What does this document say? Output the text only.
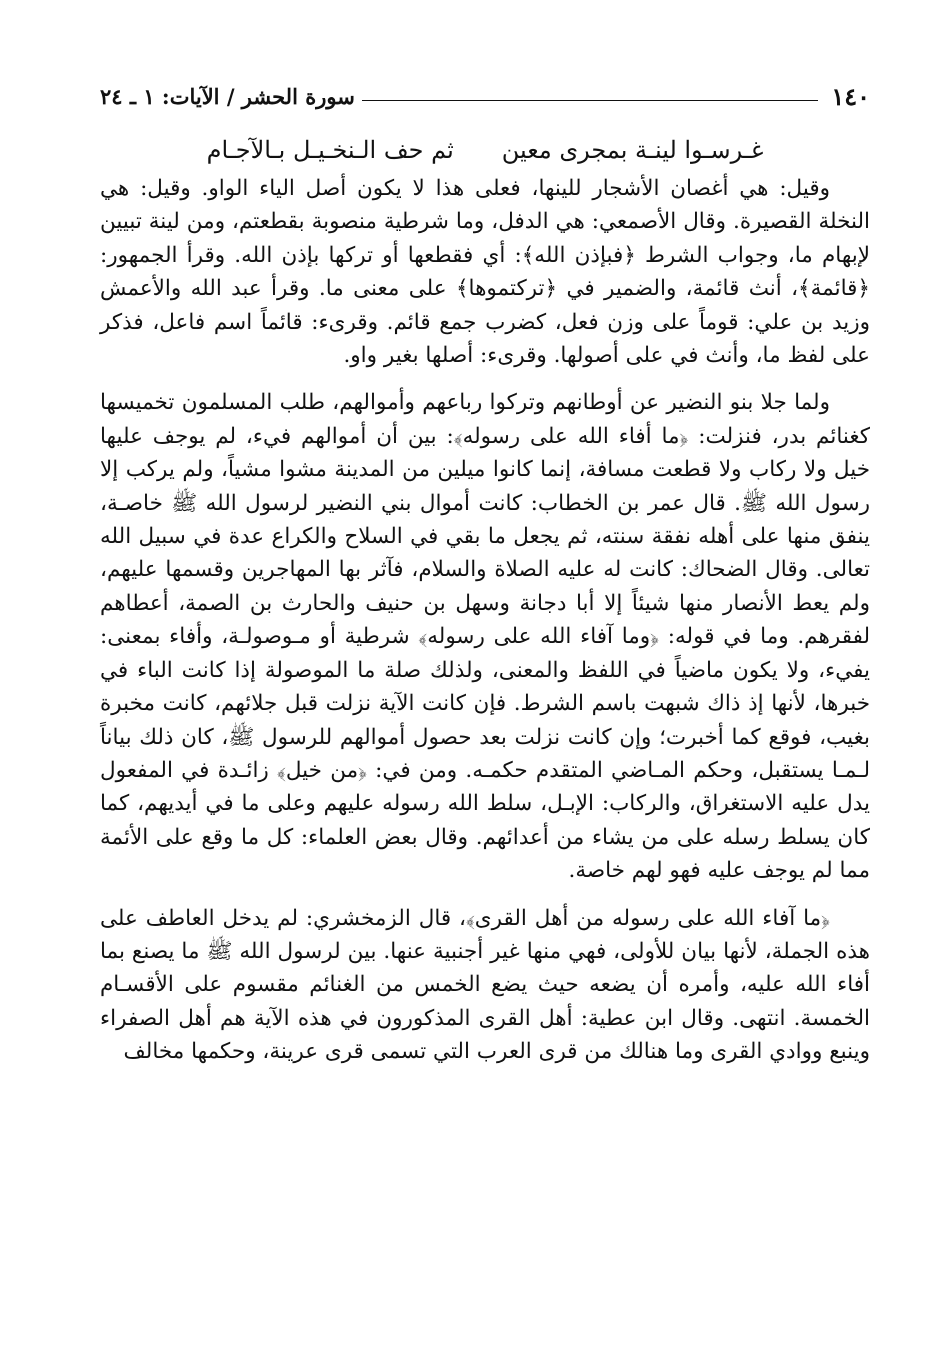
١٤٠
سورة الحشر / الآيات: ١ ـ ٢٤
غـرسـوا لينـة بمجرى معين
ثم حف الـنخـيـل بـالآجـام

وقيل: هي أغصان الأشجار للينها، فعلى هذا لا يكون أصل الياء الواو. وقيل: هي النخلة القصيرة. وقال الأصمعي: هي الدفل، وما شرطية منصوبة بقطعتم، ومن لينة تبيين لإبهام ما، وجواب الشرط ﴿فبإذن الله﴾: أي فقطعها أو تركها بإذن الله. وقرأ الجمهور: ﴿قائمة﴾، أنث قائمة، والضمير في ﴿تركتموها﴾ على معنى ما. وقرأ عبد الله والأعمش وزيد بن علي: قوماً على وزن فعل، كضرب جمع قائم. وقرىء: قائماً اسم فاعل، فذكر على لفظ ما، وأنث في على أصولها. وقرىء: أصلها بغير واو.

ولما جلا بنو النضير عن أوطانهم وتركوا رباعهم وأموالهم، طلب المسلمون تخميسها كغنائم بدر، فنزلت: ﴿ما أفاء الله على رسوله﴾: بين أن أموالهم فيء، لم يوجف عليها خيل ولا ركاب ولا قطعت مسافة، إنما كانوا ميلين من المدينة مشوا مشياً، ولم يركب إلا رسول الله ﷺ. قال عمر بن الخطاب: كانت أموال بني النضير لرسول الله ﷺ خاصـة، ينفق منها على أهله نفقة سنته، ثم يجعل ما بقي في السلاح والكراع عدة في سبيل الله تعالى. وقال الضحاك: كانت له عليه الصلاة والسلام، فآثر بها المهاجرين وقسمها عليهم، ولم يعط الأنصار منها شيئاً إلا أبا دجانة وسهل بن حنيف والحارث بن الصمة، أعطاهم لفقرهم. وما في قوله: ﴿وما آفاء الله على رسوله﴾ شرطية أو مـوصولـة، وأفاء بمعنى: يفيء، ولا يكون ماضياً في اللفظ والمعنى، ولذلك صلة ما الموصولة إذا كانت الباء في خبرها، لأنها إذ ذاك شبهت باسم الشرط. فإن كانت الآية نزلت قبل جلائهم، كانت مخبرة بغيب، فوقع كما أخبرت؛ وإن كانت نزلت بعد حصول أموالهم للرسول ﷺ، كان ذلك بياناً لـمـا يستقبل، وحكم المـاضي المتقدم حكمـه. ومن في: ﴿من خيل﴾ زائـدة في المفعول يدل عليه الاستغراق، والركاب: الإبـل، سلط الله رسوله عليهم وعلى ما في أيديهم، كما كان يسلط رسله على من يشاء من أعدائهم. وقال بعض العلماء: كل ما وقع على الأئمة مما لم يوجف عليه فهو لهم خاصة.

﴿ما آفاء الله على رسوله من أهل القرى﴾، قال الزمخشري: لم يدخل العاطف على هذه الجملة، لأنها بيان للأولى، فهي منها غير أجنبية عنها. بين لرسول الله ﷺ ما يصنع بما أفاء الله عليه، وأمره أن يضعه حيث يضع الخمس من الغنائم مقسوم على الأقسـام الخمسة. انتهى. وقال ابن عطية: أهل القرى المذكورون في هذه الآية هم أهل الصفراء وينبع ووادي القرى وما هنالك من قرى العرب التي تسمى قرى عرينة، وحكمها مخالف
